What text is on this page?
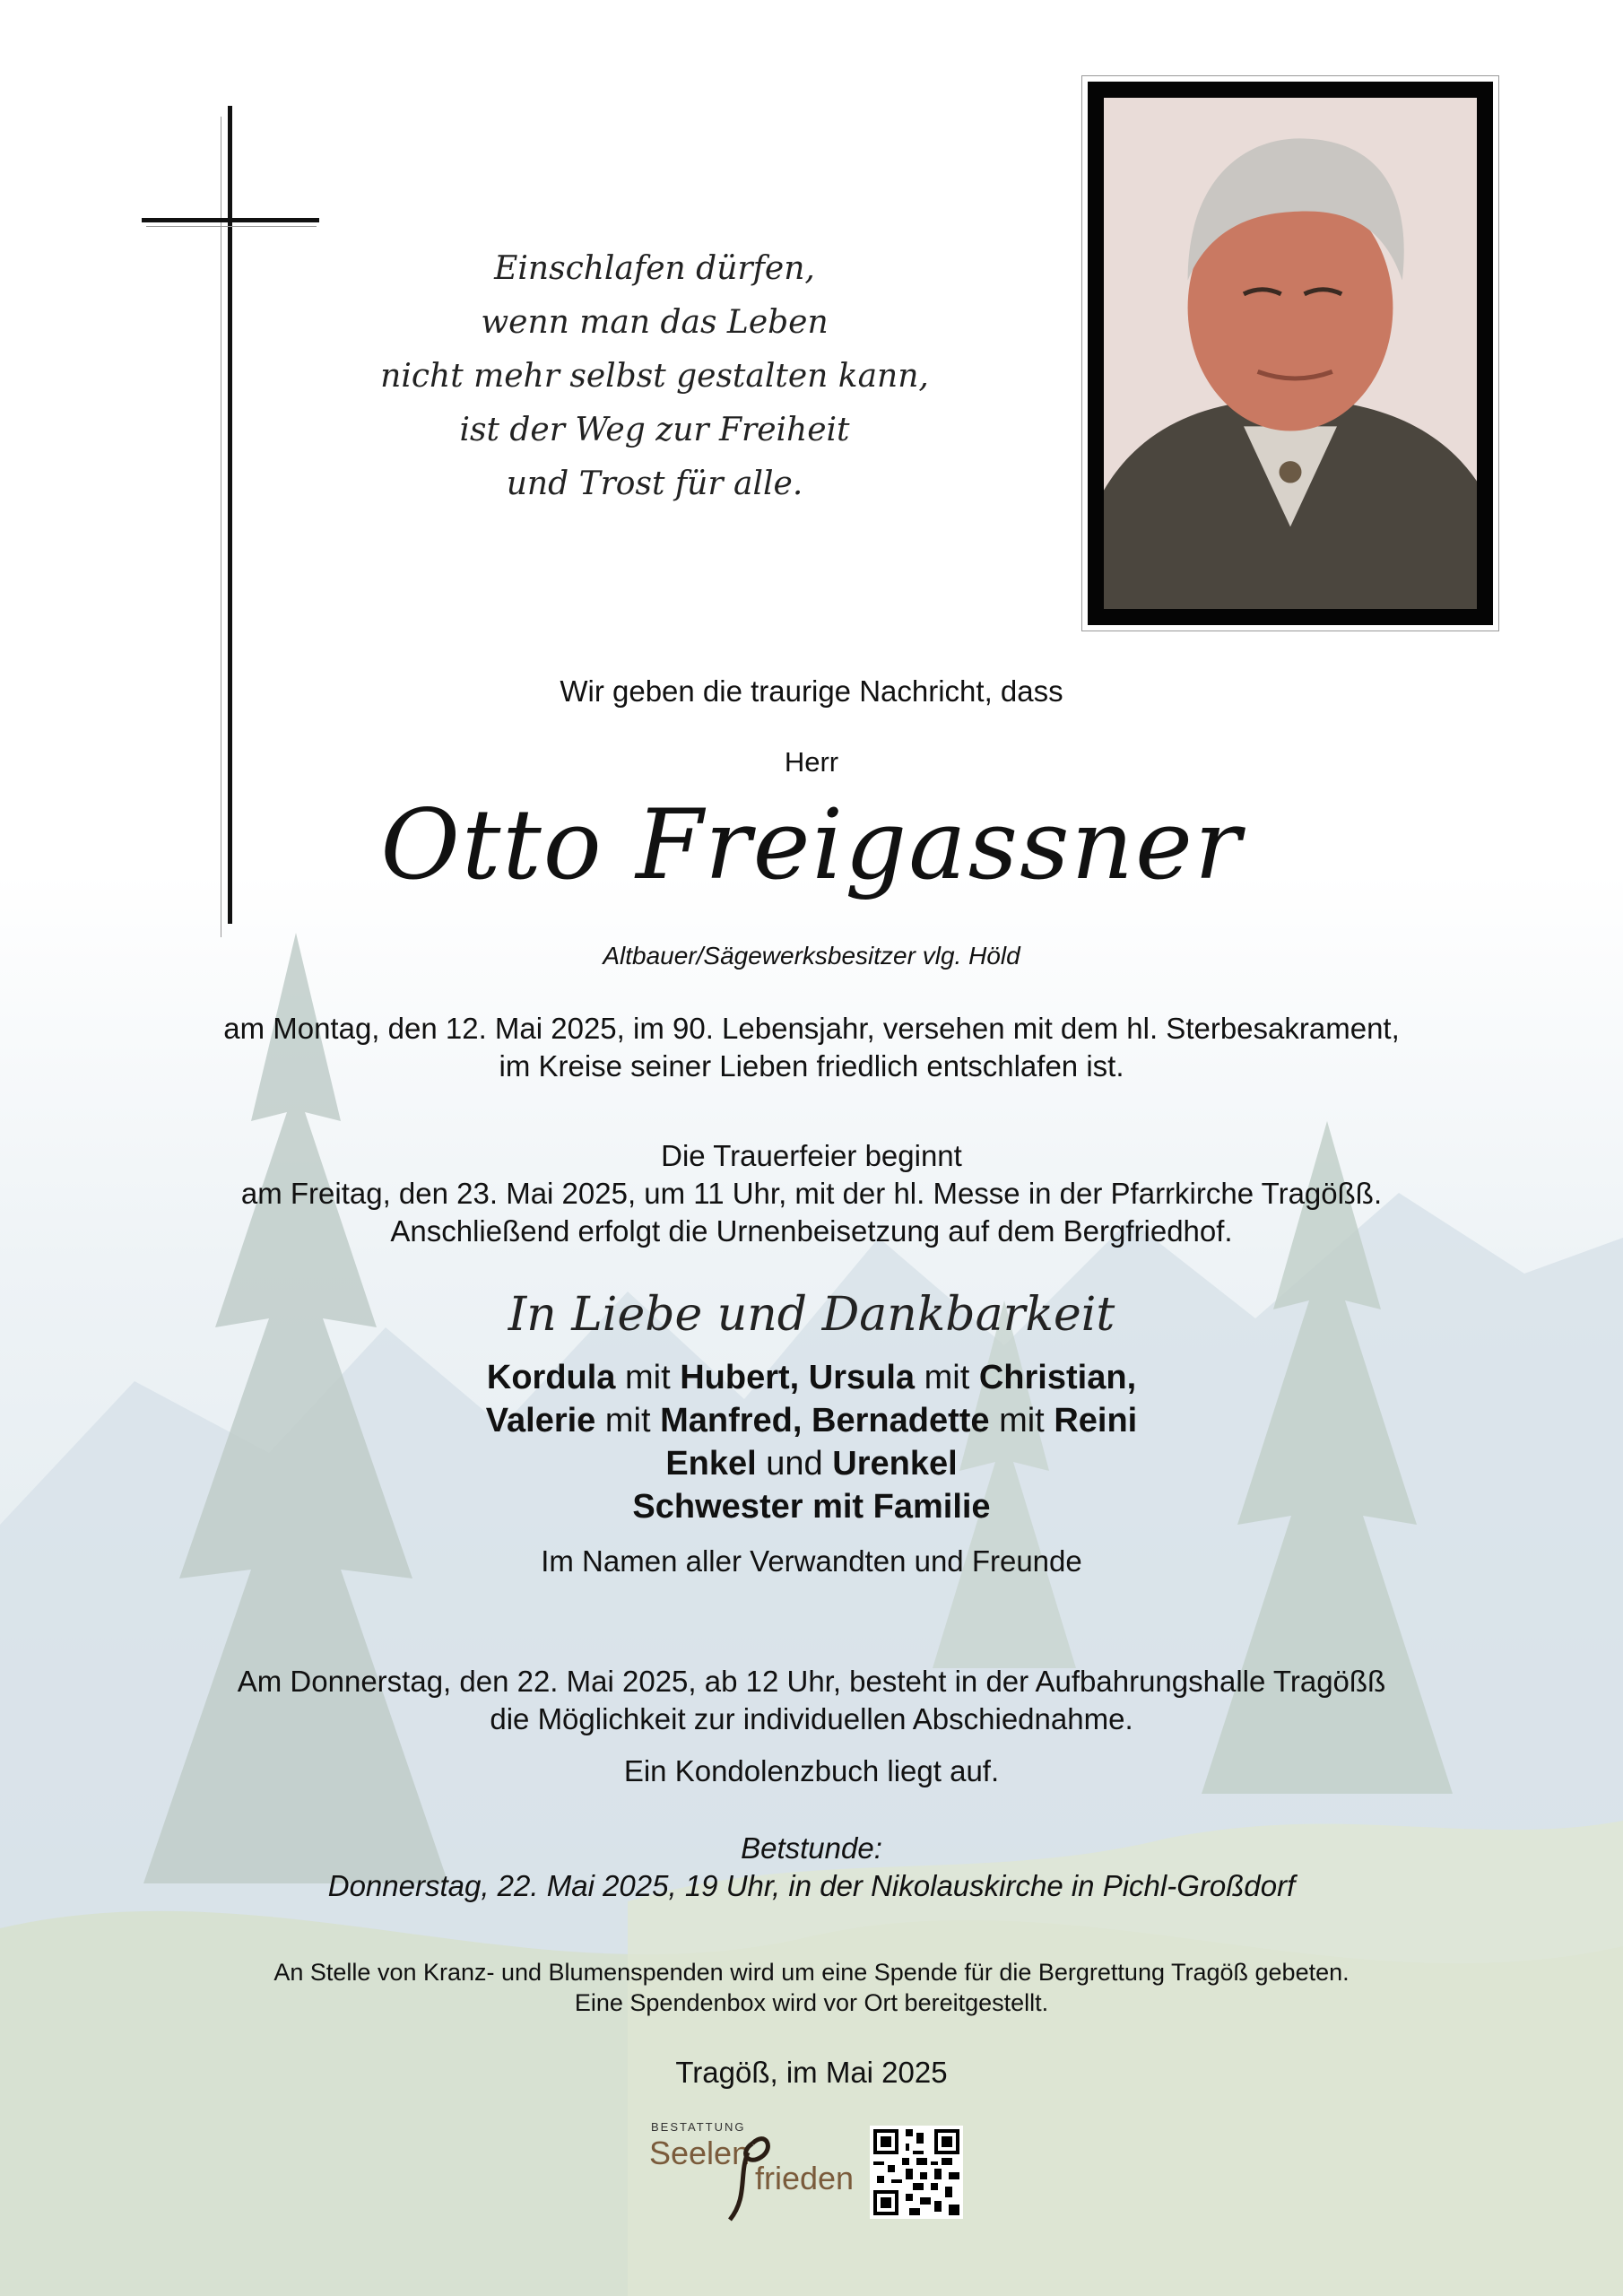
Einschlafen dürfen,
wenn man das Leben
nicht mehr selbst gestalten kann,
ist der Weg zur Freiheit
und Trost für alle.
Wir geben die traurige Nachricht, dass
Herr
Otto Freigassner
Altbauer/Sägewerksbesitzer vlg. Höld
am Montag, den 12. Mai 2025, im 90. Lebensjahr, versehen mit dem hl. Sterbesakrament,
im Kreise seiner Lieben friedlich entschlafen ist.
Die Trauerfeier beginnt
am Freitag, den 23. Mai 2025, um 11 Uhr, mit der hl. Messe in der Pfarrkirche Tragößß.
Anschließend erfolgt die Urnenbeisetzung auf dem Bergfriedhof.
In Liebe und Dankbarkeit
Kordula mit Hubert, Ursula mit Christian,
Valerie mit Manfred, Bernadette mit Reini
Enkel und Urenkel
Schwester mit Familie
Im Namen aller Verwandten und Freunde
Am Donnerstag, den 22. Mai 2025, ab 12 Uhr, besteht in der Aufbahrungshalle Tragößß
die Möglichkeit zur individuellen Abschiednahme.
Ein Kondolenzbuch liegt auf.
Betstunde:
Donnerstag, 22. Mai 2025, 19 Uhr, in der Nikolauskirche in Pichl-Großdorf
An Stelle von Kranz- und Blumenspenden wird um eine Spende für die Bergrettung Tragöß gebeten.
Eine Spendenbox wird vor Ort bereitgestellt.
Tragöß, im Mai 2025
BESTATTUNG
Seelen
frieden
